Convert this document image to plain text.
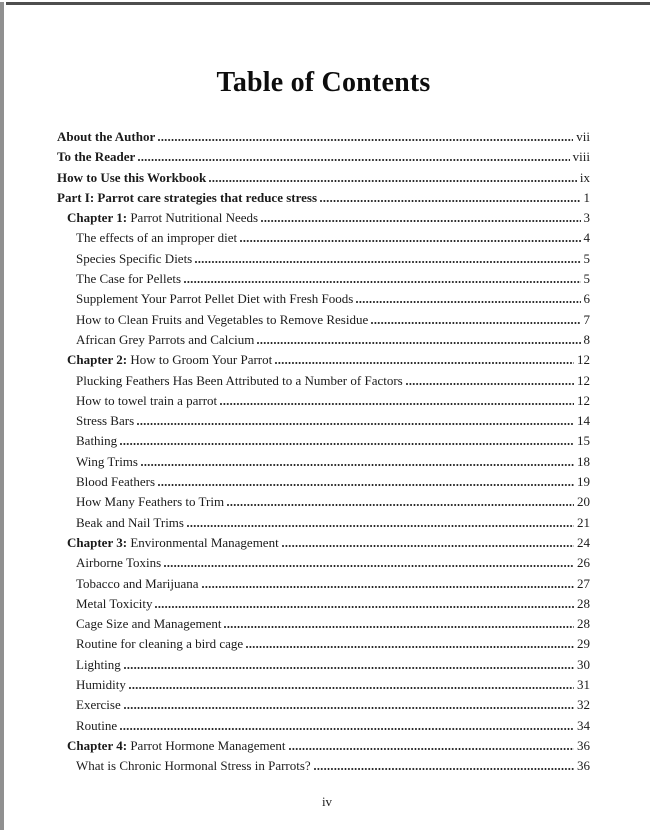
Table of Contents
About the Author	vii
To the Reader	viii
How to Use this Workbook	ix
Part I: Parrot care strategies that reduce stress	1
Chapter 1: Parrot Nutritional Needs	3
The effects of an improper diet	4
Species Specific Diets	5
The Case for Pellets	5
Supplement Your Parrot Pellet Diet with Fresh Foods	6
How to Clean Fruits and Vegetables to Remove Residue	7
African Grey Parrots and Calcium	8
Chapter 2: How to Groom Your Parrot	12
Plucking Feathers Has Been Attributed to a Number of Factors	12
How to towel train a parrot	12
Stress Bars	14
Bathing	15
Wing Trims	18
Blood Feathers	19
How Many Feathers to Trim	20
Beak and Nail Trims	21
Chapter 3: Environmental Management	24
Airborne Toxins	26
Tobacco and Marijuana	27
Metal Toxicity	28
Cage Size and Management	28
Routine for cleaning a bird cage	29
Lighting	30
Humidity	31
Exercise	32
Routine	34
Chapter 4: Parrot Hormone Management	36
What is Chronic Hormonal Stress in Parrots?	36
iv
